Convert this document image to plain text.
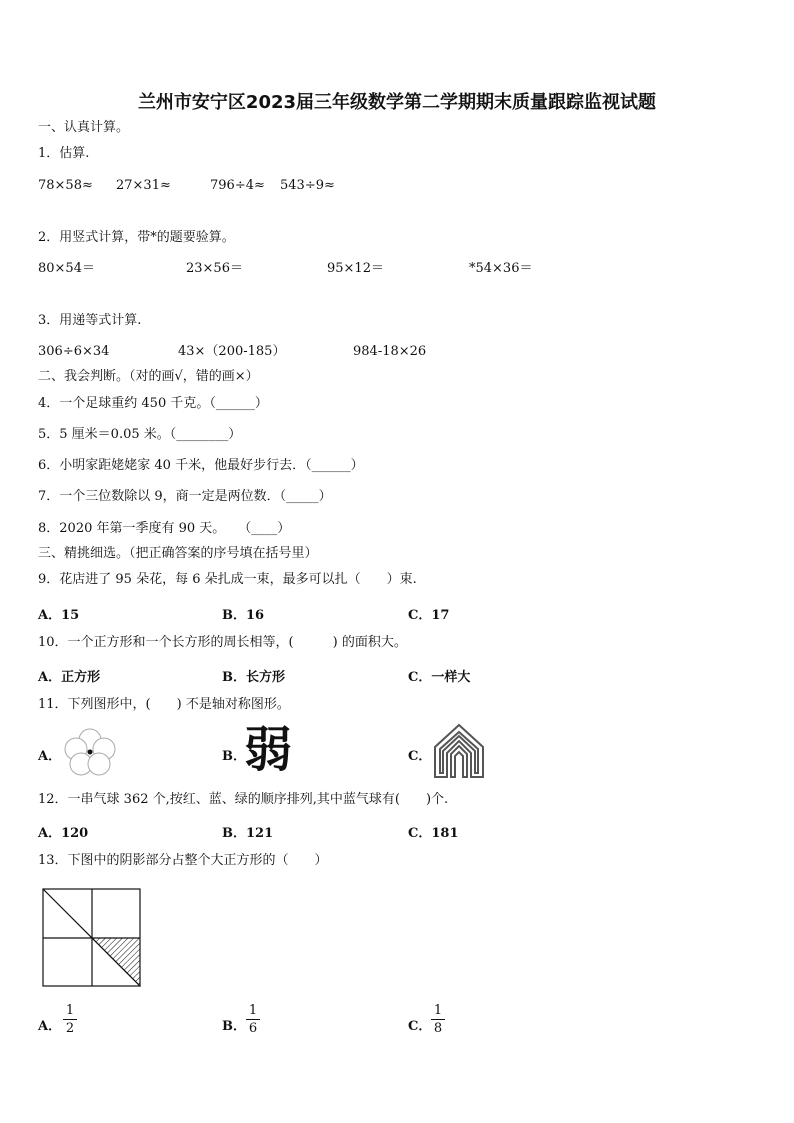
兰州市安宁区2023届三年级数学第二学期期末质量跟踪监视试题
一、认真计算。
1．估算.
78×58≈ 27×31≈	796÷4≈ 543÷9≈
2．用竖式计算，带*的题要验算。
80×54＝	23×56＝	95×12＝	*54×36＝
3．用递等式计算.
306÷6×34	43×（200-185）	984-18×26
二、我会判断。（对的画√，错的画×）
4．一个足球重约 450 千克。（______）
5．5 厘米＝0.05 米。（________）
6．小明家距姥姥家 40 千米，他最好步行去．（______）
7．一个三位数除以 9，商一定是两位数．（_____）
8．2020 年第一季度有 90 天。　　（____）
三、精挑细选。（把正确答案的序号填在括号里）
9．花店进了 95 朵花，每 6 朵扎成一束，最多可以扎（　　）束.
A．15	B．16	C．17
10．一个正方形和一个长方形的周长相等，(　　　) 的面积大。
A．正方形	B．长方形	C．一样大
11．下列图形中，(　　) 不是轴对称图形。
A．	B．
弱	C．
12．一串气球 362 个,按红、蓝、绿的顺序排列,其中蓝气球有(　　)个.
A．120	B．121	C．181
13．下图中的阴影部分占整个大正方形的（　　）
A．
1
2	B．
1
6	C．
1
8
